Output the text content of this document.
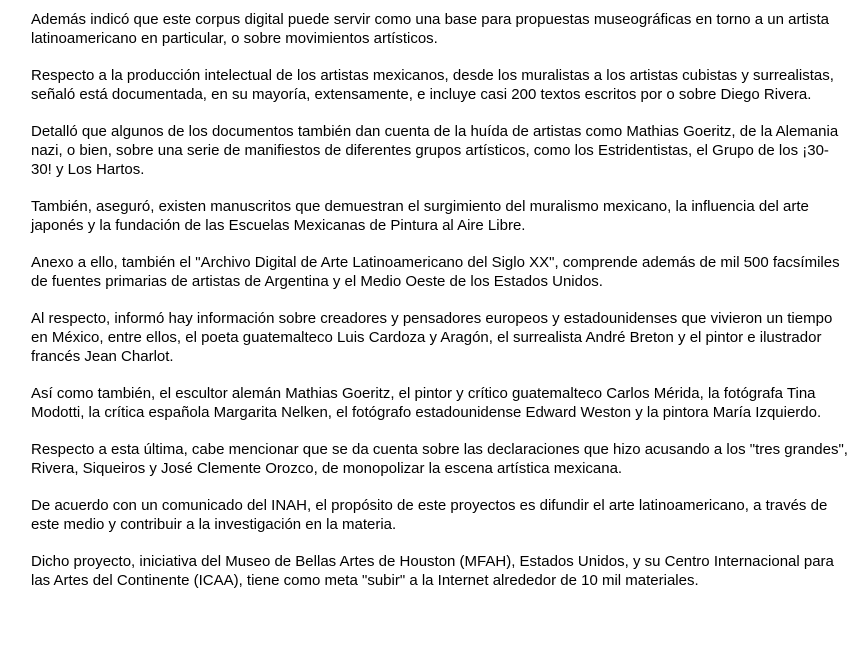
Además indicó que este corpus digital puede servir como una base para propuestas museográficas en torno a un artista latinoamericano en particular, o sobre movimientos artísticos.

Respecto a la producción intelectual de los artistas mexicanos, desde los muralistas a los artistas cubistas y surrealistas, señaló está documentada, en su mayoría, extensamente, e incluye casi 200 textos escritos por o sobre Diego Rivera.

Detalló que algunos de los documentos también dan cuenta de la huída de artistas como Mathias Goeritz, de la Alemania nazi, o bien, sobre una serie de manifiestos de diferentes grupos artísticos, como los Estridentistas, el Grupo de los ¡30-30! y Los Hartos.

También, aseguró, existen manuscritos que demuestran el surgimiento del muralismo mexicano, la influencia del arte japonés y la fundación de las Escuelas Mexicanas de Pintura al Aire Libre.

Anexo a ello, también el "Archivo Digital de Arte Latinoamericano del Siglo XX", comprende además de mil 500 facsímiles de fuentes primarias de artistas de Argentina y el Medio Oeste de los Estados Unidos.

Al respecto, informó hay información sobre creadores y pensadores europeos y estadounidenses que vivieron un tiempo en México, entre ellos, el poeta guatemalteco Luis Cardoza y Aragón, el surrealista André Breton y el pintor e ilustrador francés Jean Charlot.

Así como también, el escultor alemán Mathias Goeritz, el pintor y crítico guatemalteco Carlos Mérida, la fotógrafa Tina Modotti, la crítica española Margarita Nelken, el fotógrafo estadounidense Edward Weston y la pintora María Izquierdo.

Respecto a esta última, cabe mencionar que se da cuenta sobre las declaraciones que hizo acusando a los "tres grandes", Rivera, Siqueiros y José Clemente Orozco, de monopolizar la escena artística mexicana.

De acuerdo con un comunicado del INAH, el propósito de este proyectos es difundir el arte latinoamericano, a través de este medio y contribuir a la investigación en la materia.

Dicho proyecto, iniciativa del Museo de Bellas Artes de Houston (MFAH), Estados Unidos, y su Centro Internacional para las Artes del Continente (ICAA), tiene como meta "subir" a la Internet alrededor de 10 mil materiales.
